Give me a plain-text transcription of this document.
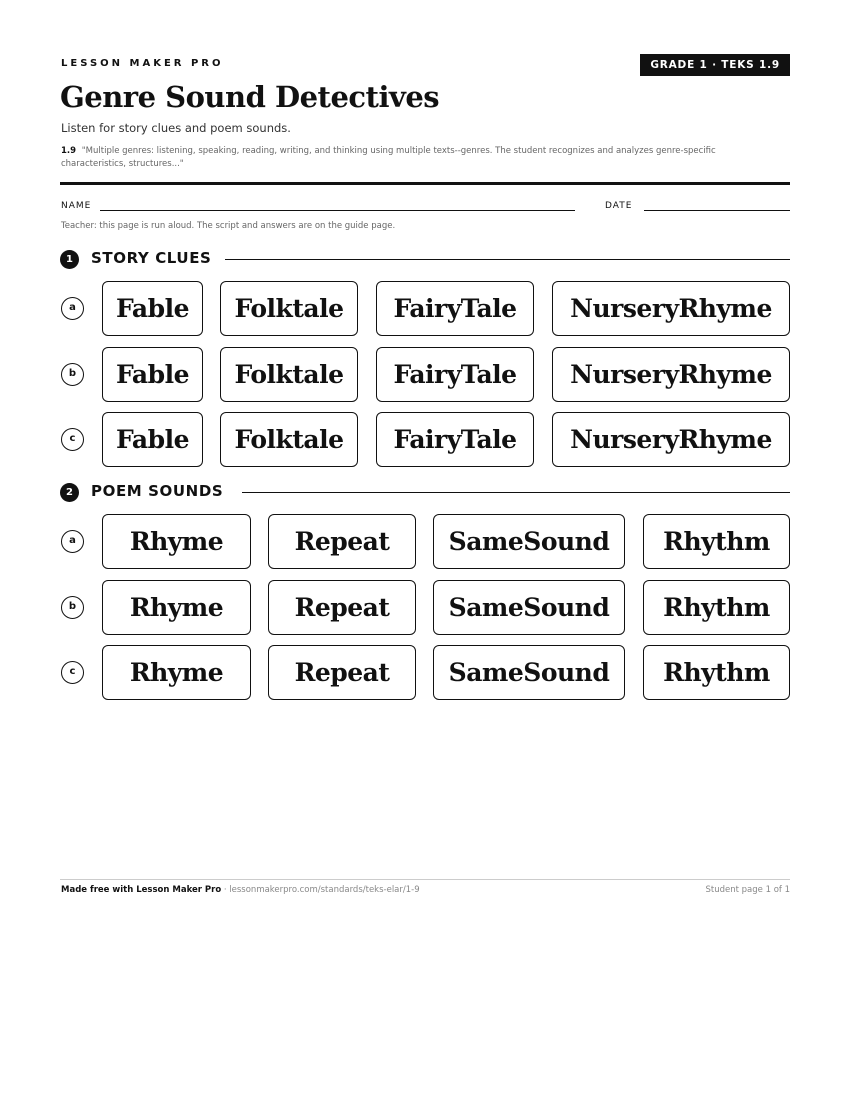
LESSON MAKER PRO	GRADE 1 · TEKS 1.9
Genre Sound Detectives
Listen for story clues and poem sounds.
1.9 "Multiple genres: listening, speaking, reading, writing, and thinking using multiple texts--genres. The student recognizes and analyzes genre-specific characteristics, structures..."
NAME	DATE
Teacher: this page is run aloud. The script and answers are on the guide page.
1	STORY CLUES
a	Fable	Folktale	FairyTale	NurseryRhyme
b	Fable	Folktale	FairyTale	NurseryRhyme
c	Fable	Folktale	FairyTale	NurseryRhyme
2	POEM SOUNDS
a	Rhyme	Repeat	SameSound	Rhythm
b	Rhyme	Repeat	SameSound	Rhythm
c	Rhyme	Repeat	SameSound	Rhythm
Made free with Lesson Maker Pro · lessonmakerpro.com/standards/teks-elar/1-9	Student page 1 of 1
